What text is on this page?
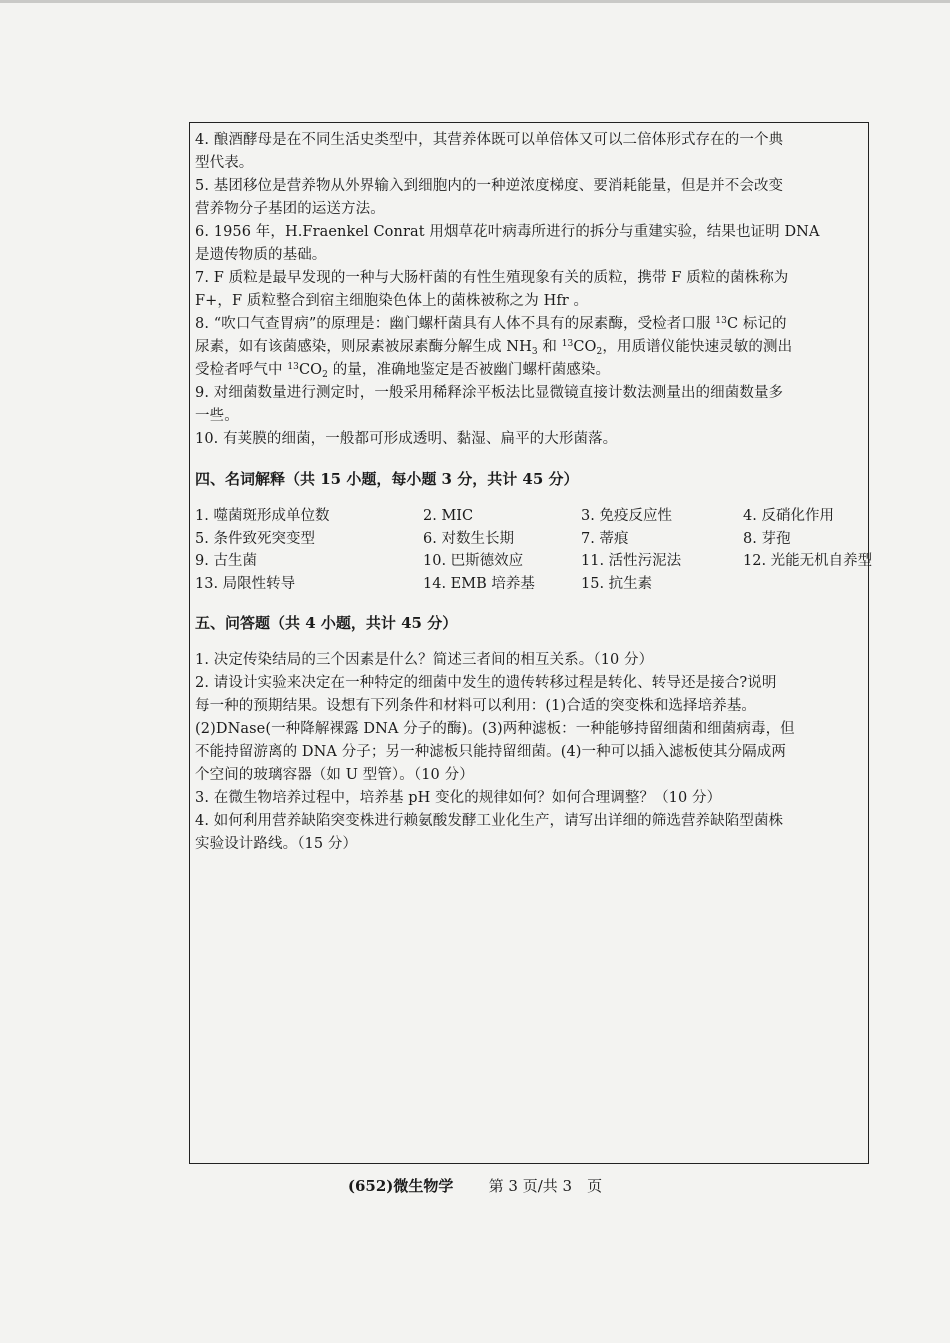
4. 酿酒酵母是在不同生活史类型中，其营养体既可以单倍体又可以二倍体形式存在的一个典
型代表。
5. 基团移位是营养物从外界输入到细胞内的一种逆浓度梯度、要消耗能量，但是并不会改变
营养物分子基团的运送方法。
6. 1956 年，H.Fraenkel Conrat 用烟草花叶病毒所进行的拆分与重建实验，结果也证明 DNA
是遗传物质的基础。
7. F 质粒是最早发现的一种与大肠杆菌的有性生殖现象有关的质粒，携带 F 质粒的菌株称为
F+，F 质粒整合到宿主细胞染色体上的菌株被称之为 Hfr 。
8. “吹口气查胃病”的原理是：幽门螺杆菌具有人体不具有的尿素酶，受检者口服 $^{13}$C 标记的
尿素，如有该菌感染，则尿素被尿素酶分解生成 $NH_3$ 和 $^{13}CO_2$，用质谱仪能快速灵敏的测出
受检者呼气中 $^{13}CO_2$ 的量，准确地鉴定是否被幽门螺杆菌感染。
9. 对细菌数量进行测定时，一般采用稀释涂平板法比显微镜直接计数法测量出的细菌数量多
一些。
10. 有荚膜的细菌，一般都可形成透明、黏湿、扁平的大形菌落。
四、名词解释（共 15 小题，每小题 3 分，共计 45 分）
1. 噬菌斑形成单位数	2. MIC	3. 免疫反应性	4. 反硝化作用
5. 条件致死突变型	6. 对数生长期	7. 蒂痕	8. 芽孢
9. 古生菌	10. 巴斯德效应	11. 活性污泥法	12. 光能无机自养型
13. 局限性转导	14. EMB 培养基	15. 抗生素
五、问答题（共 4 小题，共计 45 分）
1. 决定传染结局的三个因素是什么？简述三者间的相互关系。（10 分）
2. 请设计实验来决定在一种特定的细菌中发生的遗传转移过程是转化、转导还是接合?说明
每一种的预期结果。设想有下列条件和材料可以利用：(1)合适的突变株和选择培养基。
(2)DNase(一种降解裸露 DNA 分子的酶)。(3)两种滤板：一种能够持留细菌和细菌病毒，但
不能持留游离的 DNA 分子；另一种滤板只能持留细菌。(4)一种可以插入滤板使其分隔成两
个空间的玻璃容器（如 U 型管）。（10 分）
3. 在微生物培养过程中，培养基 pH 变化的规律如何？如何合理调整？（10 分）
4. 如何利用营养缺陷突变株进行赖氨酸发酵工业化生产，请写出详细的筛选营养缺陷型菌株
实验设计路线。（15 分）
(652)微生物学 第 3 页/共 3　页
